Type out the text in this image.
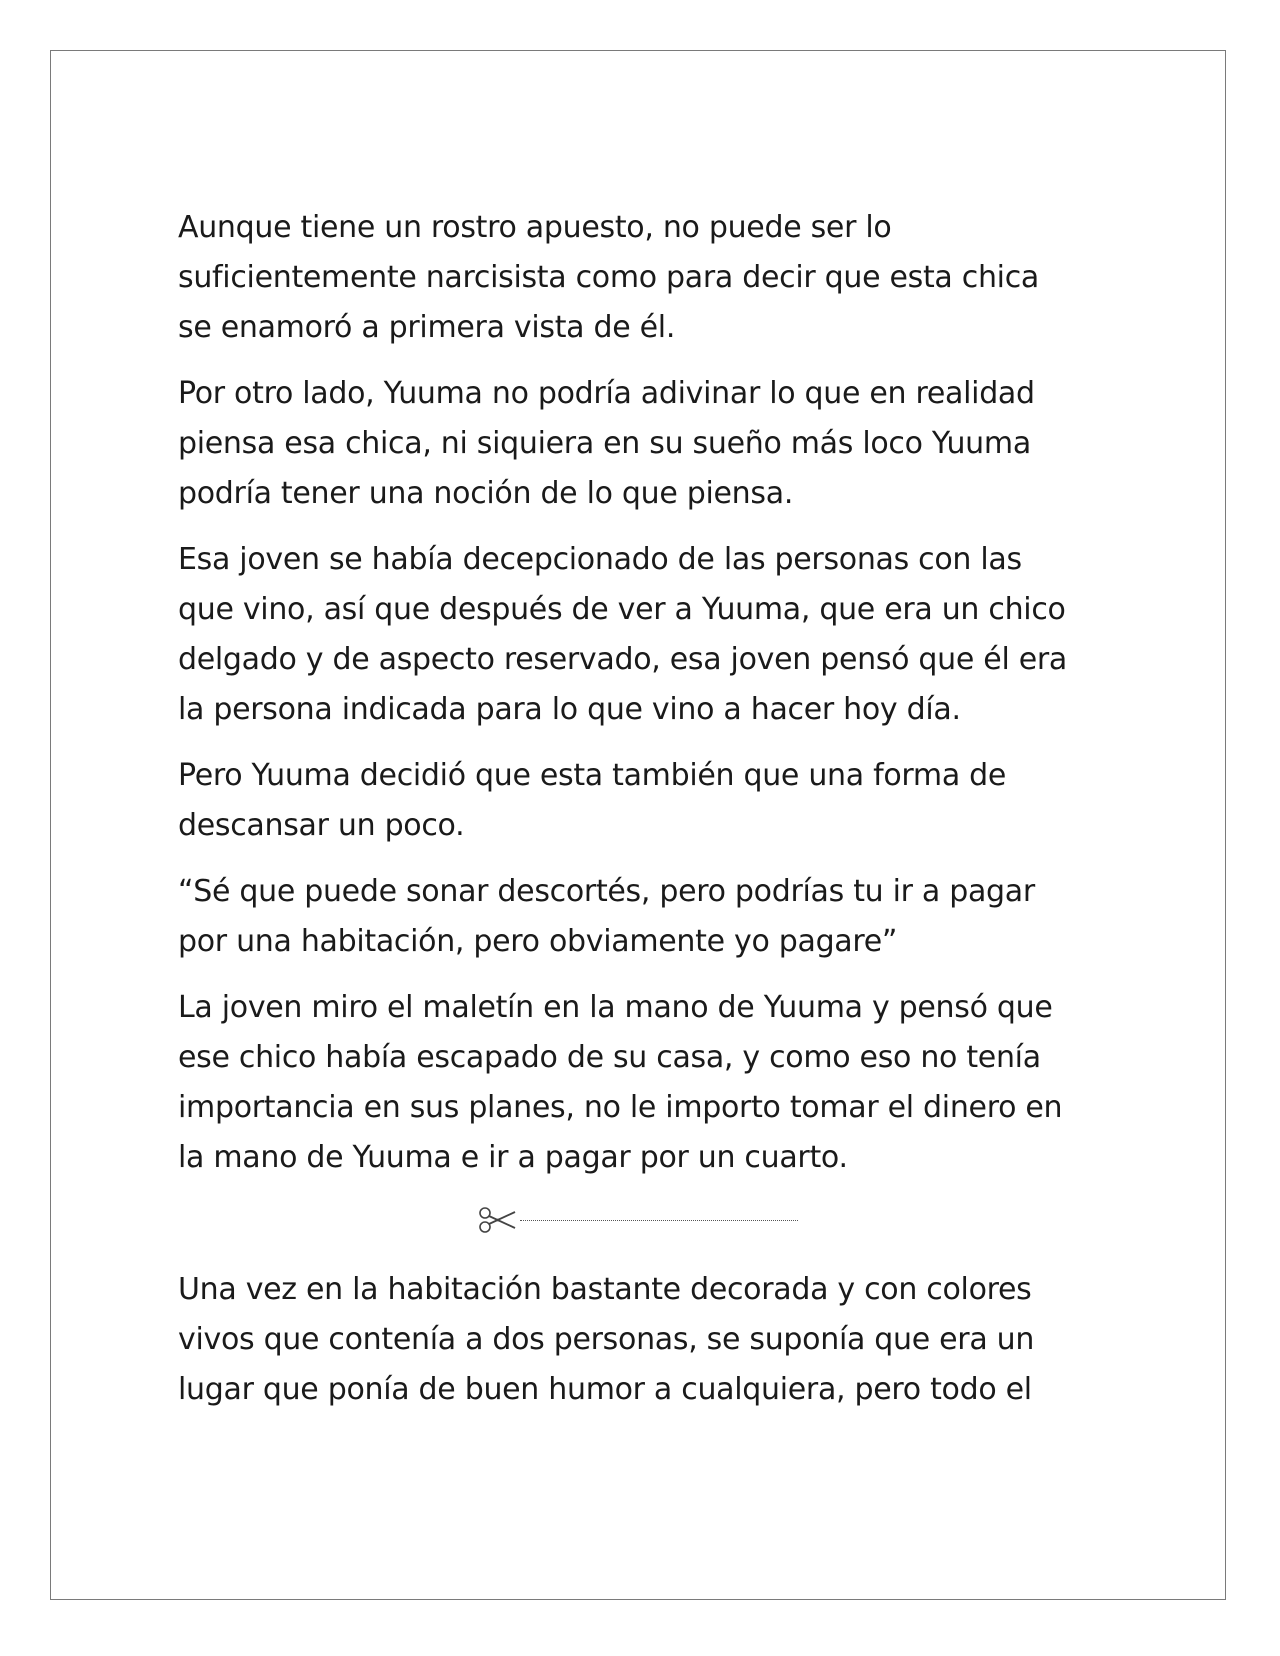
Aunque tiene un rostro apuesto, no puede ser lo
suficientemente narcisista como para decir que esta chica
se enamoró a primera vista de él.

Por otro lado, Yuuma no podría adivinar lo que en realidad
piensa esa chica, ni siquiera en su sueño más loco Yuuma
podría tener una noción de lo que piensa.

Esa joven se había decepcionado de las personas con las
que vino, así que después de ver a Yuuma, que era un chico
delgado y de aspecto reservado, esa joven pensó que él era
la persona indicada para lo que vino a hacer hoy día.

Pero Yuuma decidió que esta también que una forma de
descansar un poco.

“Sé que puede sonar descortés, pero podrías tu ir a pagar
por una habitación, pero obviamente yo pagare”

La joven miro el maletín en la mano de Yuuma y pensó que
ese chico había escapado de su casa, y como eso no tenía
importancia en sus planes, no le importo tomar el dinero en
la mano de Yuuma e ir a pagar por un cuarto.

Una vez en la habitación bastante decorada y con colores
vivos que contenía a dos personas, se suponía que era un
lugar que ponía de buen humor a cualquiera, pero todo el
